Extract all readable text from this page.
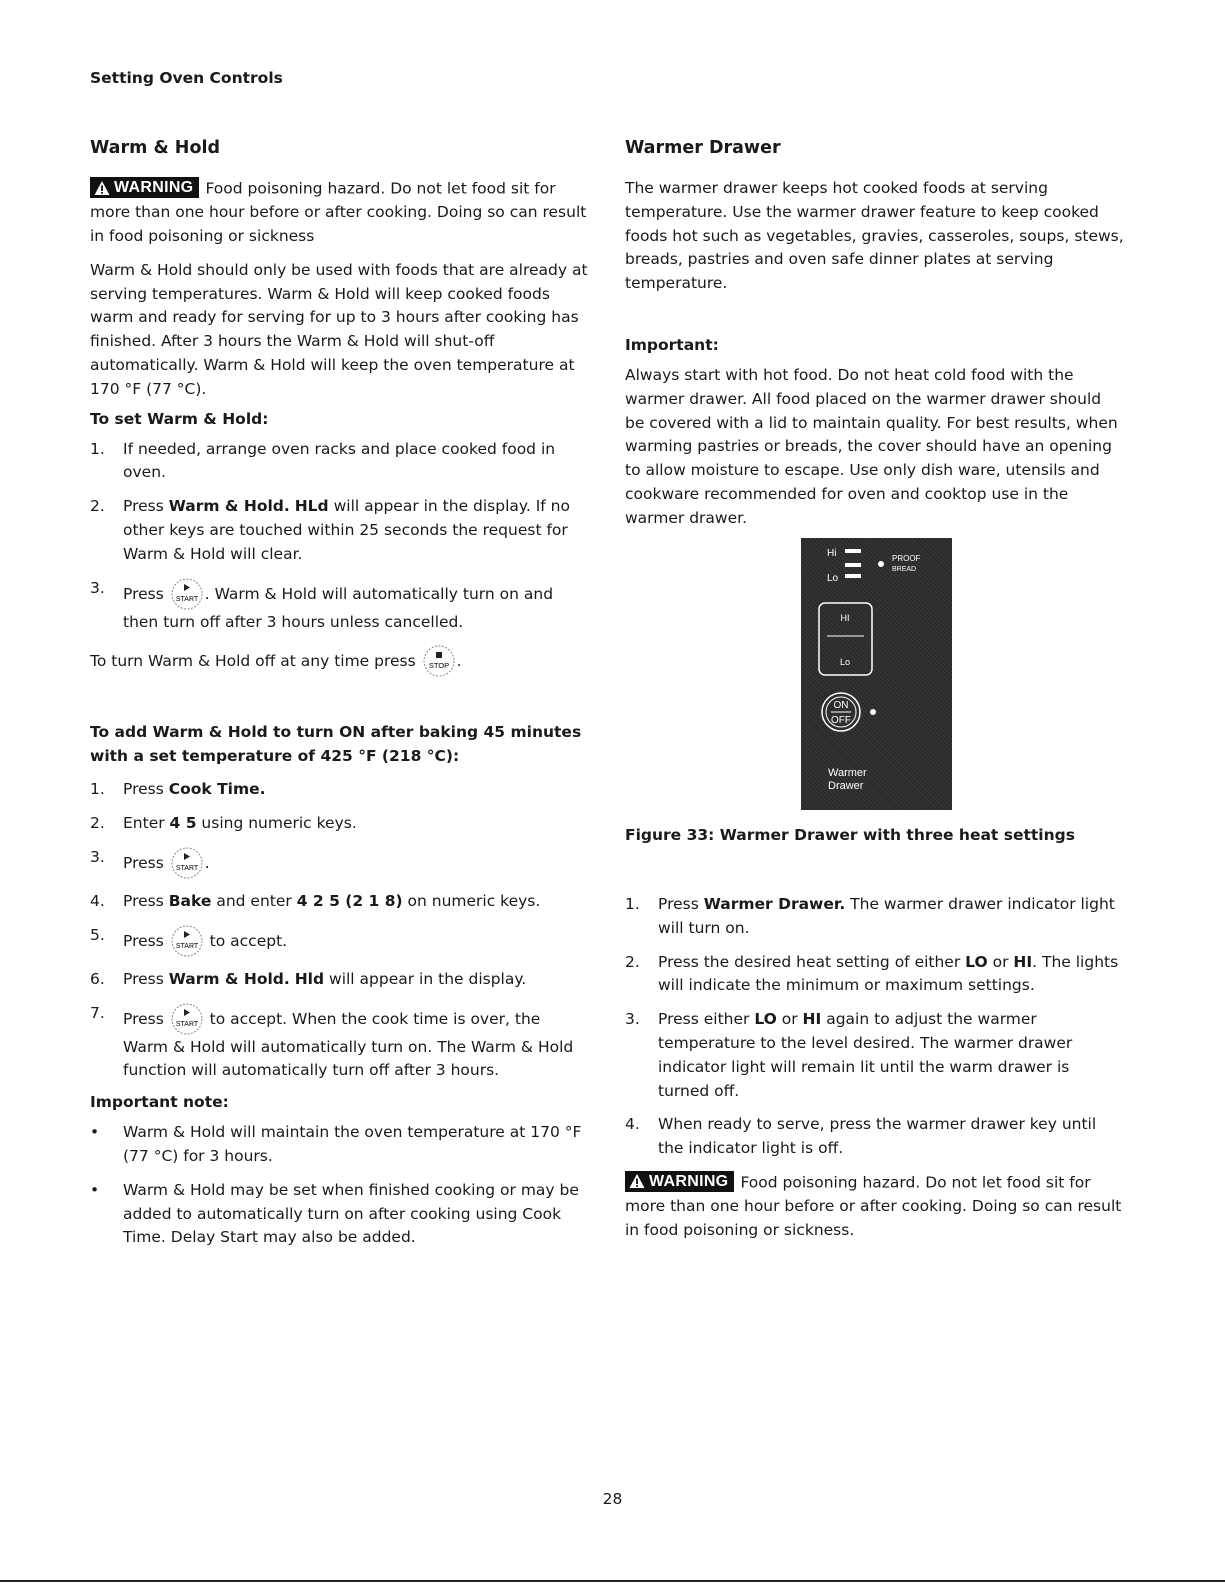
Setting Oven Controls
Warm & Hold

WARNING Food poisoning hazard. Do not let food sit for more than one hour before or after cooking. Doing so can result in food poisoning or sickness

Warm & Hold should only be used with foods that are already at serving temperatures. Warm & Hold will keep cooked foods warm and ready for serving for up to 3 hours after cooking has finished. After 3 hours the Warm & Hold will shut-off automatically. Warm & Hold will keep the oven temperature at 170 °F (77 °C).

To set Warm & Hold:
1. If needed, arrange oven racks and place cooked food in oven.
2. Press Warm & Hold. HLd will appear in the display. If no other keys are touched within 25 seconds the request for Warm & Hold will clear.
3. Press START . Warm & Hold will automatically turn on and then turn off after 3 hours unless cancelled.

To turn Warm & Hold off at any time press STOP .

To add Warm & Hold to turn ON after baking 45 minutes with a set temperature of 425 °F (218 °C):
1. Press Cook Time.
2. Enter 4 5 using numeric keys.
3. Press START .
4. Press Bake and enter 4 2 5 (2 1 8) on numeric keys.
5. Press START to accept.
6. Press Warm & Hold. Hld will appear in the display.
7. Press START to accept. When the cook time is over, the Warm & Hold will automatically turn on. The Warm & Hold function will automatically turn off after 3 hours.
Important note:
• Warm & Hold will maintain the oven temperature at 170 °F (77 °C) for 3 hours.
• Warm & Hold may be set when finished cooking or may be added to automatically turn on after cooking using Cook Time. Delay Start may also be added.
Warmer Drawer

The warmer drawer keeps hot cooked foods at serving temperature. Use the warmer drawer feature to keep cooked foods hot such as vegetables, gravies, casseroles, soups, stews, breads, pastries and oven safe dinner plates at serving temperature.

Important:

Always start with hot food. Do not heat cold food with the warmer drawer. All food placed on the warmer drawer should be covered with a lid to maintain quality. For best results, when warming pastries or breads, the cover should have an opening to allow moisture to escape. Use only dish ware, utensils and cookware recommended for oven and cooktop use in the warmer drawer.

Hi
Lo
PROOF
BREAD
HI
Lo
ON
OFF
Warmer
Drawer
Figure 33: Warmer Drawer with three heat settings
1. Press Warmer Drawer. The warmer drawer indicator light will turn on.
2. Press the desired heat setting of either LO or HI. The lights will indicate the minimum or maximum settings.
3. Press either LO or HI again to adjust the warmer temperature to the level desired. The warmer drawer indicator light will remain lit until the warm drawer is turned off.
4. When ready to serve, press the warmer drawer key until the indicator light is off.

WARNING Food poisoning hazard. Do not let food sit for more than one hour before or after cooking. Doing so can result in food poisoning or sickness.

28
